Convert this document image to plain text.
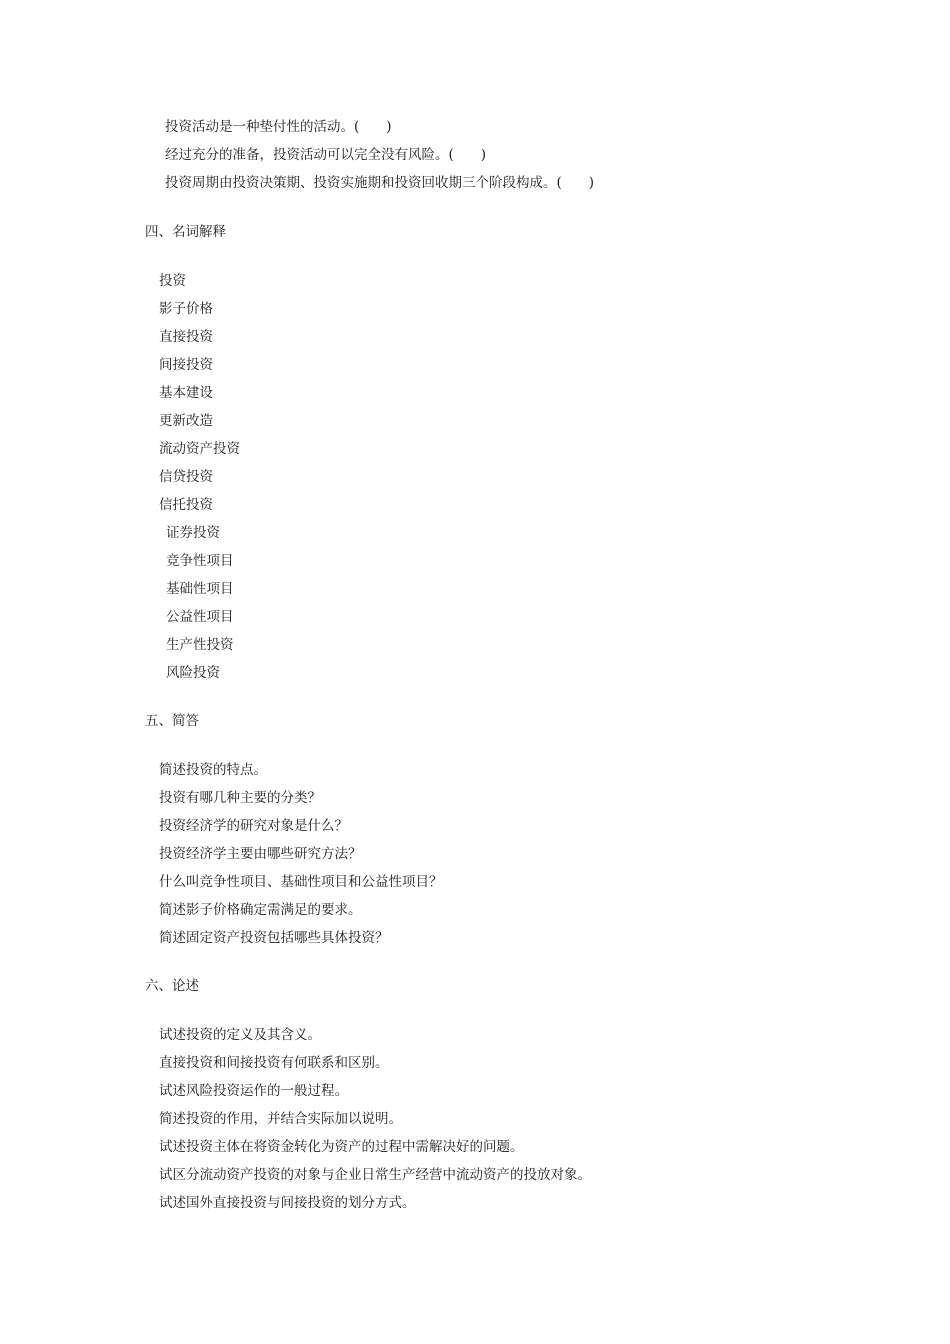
投资活动是一种垫付性的活动。(　　)
经过充分的准备，投资活动可以完全没有风险。(　　)
投资周期由投资决策期、投资实施期和投资回收期三个阶段构成。(　　)
四、名词解释
投资
影子价格
直接投资
间接投资
基本建设
更新改造
流动资产投资
信贷投资
信托投资
证券投资
竞争性项目
基础性项目
公益性项目
生产性投资
风险投资
五、简答
简述投资的特点。
投资有哪几种主要的分类？
投资经济学的研究对象是什么？
投资经济学主要由哪些研究方法？
什么叫竞争性项目、基础性项目和公益性项目？
简述影子价格确定需满足的要求。
简述固定资产投资包括哪些具体投资？
六、论述
试述投资的定义及其含义。
直接投资和间接投资有何联系和区别。
试述风险投资运作的一般过程。
简述投资的作用，并结合实际加以说明。
试述投资主体在将资金转化为资产的过程中需解决好的问题。
试区分流动资产投资的对象与企业日常生产经营中流动资产的投放对象。
试述国外直接投资与间接投资的划分方式。
